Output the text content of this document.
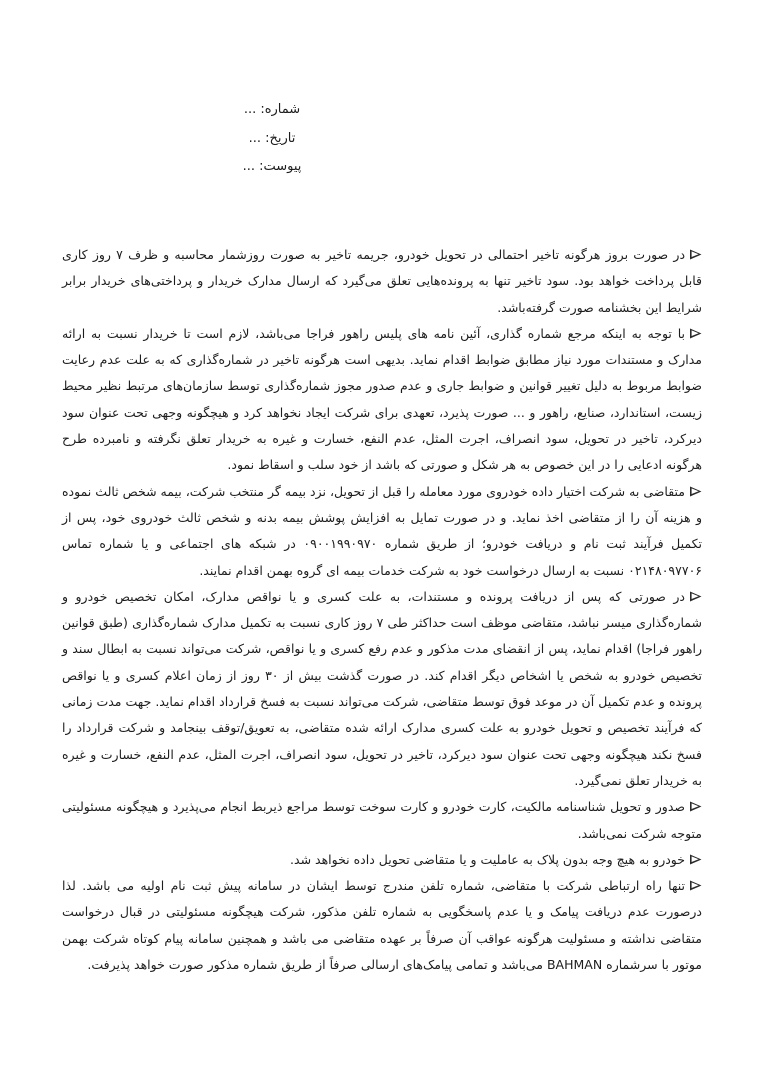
شماره: ...
تاریخ: ...
پیوست: ...

در صورت بروز هرگونه تاخیر احتمالی در تحویل خودرو، جریمه تاخیر به صورت روزشمار محاسبه و ظرف ۷ روز کاری قابل پرداخت خواهد بود. سود تاخیر تنها به پرونده‌هایی تعلق می‌گیرد که ارسال مدارک خریدار و پرداختی‌های خریدار برابر شرایط این بخشنامه صورت گرفته‌باشد.

با توجه به اینکه مرجع شماره گذاری، آئین نامه های پلیس راهور فراجا می‌باشد، لازم است تا خریدار نسبت به ارائه مدارک و مستندات مورد نیاز مطابق ضوابط اقدام نماید. بدیهی است هرگونه تاخیر در شماره‌گذاری که به علت عدم رعایت ضوابط مربوط به دلیل تغییر قوانین و ضوابط جاری و عدم صدور مجوز شماره‌گذاری توسط سازمان‌های مرتبط نظیر محیط زیست، استاندارد، صنایع، راهور و ... صورت پذیرد، تعهدی برای شرکت ایجاد نخواهد کرد و هیچگونه وجهی تحت عنوان سود دیرکرد، تاخیر در تحویل، سود انصراف، اجرت المثل، عدم النفع، خسارت و غیره به خریدار تعلق نگرفته و نامبرده طرح هرگونه ادعایی را در این خصوص به هر شکل و صورتی که باشد از خود سلب و اسقاط نمود.

متقاضی به شرکت اختیار داده خودروی مورد معامله را قبل از تحویل، نزد بیمه گر منتخب شرکت، بیمه شخص ثالث نموده و هزینه آن را از متقاضی اخذ نماید. و در صورت تمایل به افزایش پوشش بیمه بدنه و شخص ثالث خودروی خود، پس از تکمیل فرآیند ثبت نام و دریافت خودرو؛ از طریق شماره ۰۹۰۰۱۹۹۰۹۷۰ در شبکه های اجتماعی و یا شماره تماس ۰۲۱۴۸۰۹۷۷۰۶ نسبت به ارسال درخواست خود به شرکت خدمات بیمه ای گروه بهمن اقدام نمایند.

در صورتی که پس از دریافت پرونده و مستندات، به علت کسری و یا نواقص مدارک، امکان تخصیص خودرو و شماره‌گذاری میسر نباشد، متقاضی موظف است حداکثر طی ۷ روز کاری نسبت به تکمیل مدارک شماره‌گذاری (طبق قوانین راهور فراجا) اقدام نماید، پس از انقضای مدت مذکور و عدم رفع کسری و یا نواقص، شرکت می‌تواند نسبت به ابطال سند و تخصیص خودرو به شخص یا اشخاص دیگر اقدام کند. در صورت گذشت بیش از ۳۰ روز از زمان اعلام کسری و یا نواقص پرونده و عدم تکمیل آن در موعد فوق توسط متقاضی، شرکت می‌تواند نسبت به فسخ قرارداد اقدام نماید. جهت مدت زمانی که فرآیند تخصیص و تحویل خودرو به علت کسری مدارک ارائه شده متقاضی، به تعویق/توقف بینجامد و شرکت قرارداد را فسخ نکند هیچگونه وجهی تحت عنوان سود دیرکرد، تاخیر در تحویل، سود انصراف، اجرت المثل، عدم النفع، خسارت و غیره به خریدار تعلق نمی‌گیرد.

صدور و تحویل شناسنامه مالکیت، کارت خودرو و کارت سوخت توسط مراجع ذیربط انجام می‌پذیرد و هیچگونه مسئولیتی متوجه شرکت نمی‌باشد.

خودرو به هیچ وجه بدون پلاک به عاملیت و یا متقاضی تحویل داده نخواهد شد.

تنها راه ارتباطی شرکت با متقاضی، شماره تلفن مندرج توسط ایشان در سامانه پیش ثبت نام اولیه می باشد. لذا درصورت عدم دریافت پیامک و یا عدم پاسخگویی به شماره تلفن مذکور، شرکت هیچگونه مسئولیتی در قبال درخواست متقاضی نداشته و مسئولیت هرگونه عواقب آن صرفاً بر عهده متقاضی می باشد و همچنین سامانه پیام کوتاه شرکت بهمن موتور با سرشماره BAHMAN می‌باشد و تمامی پیامک‌های ارسالی صرفاً از طریق شماره مذکور صورت خواهد پذیرفت.
